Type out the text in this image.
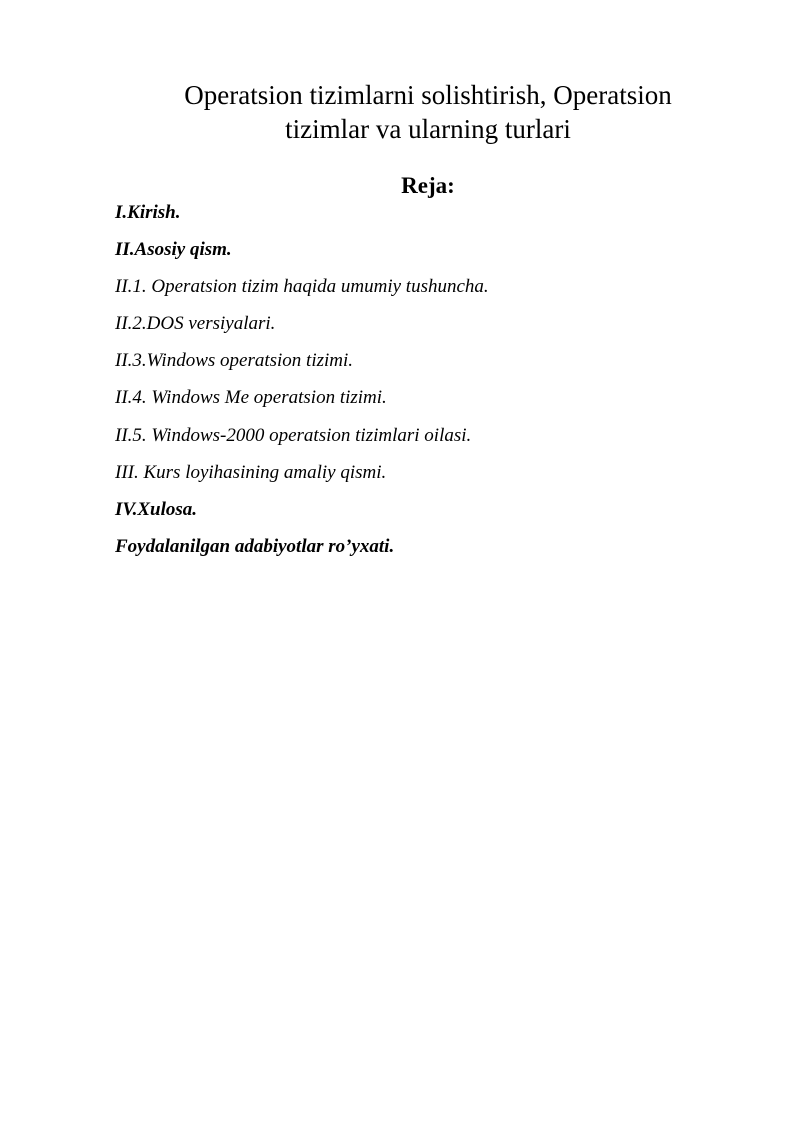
Operatsion tizimlarni solishtirish, Operatsion tizimlar va ularning turlari
Reja:
I.Kirish.
II.Asosiy qism.
II.1. Operatsion tizim haqida umumiy tushuncha.
II.2.DOS versiyalari.
II.3.Windows operatsion tizimi.
II.4. Windows Me operatsion tizimi.
II.5. Windows-2000 operatsion tizimlari oilasi.
III. Kurs loyihasining amaliy qismi.
IV.Xulosa.
Foydalanilgan adabiyotlar ro’yxati.
